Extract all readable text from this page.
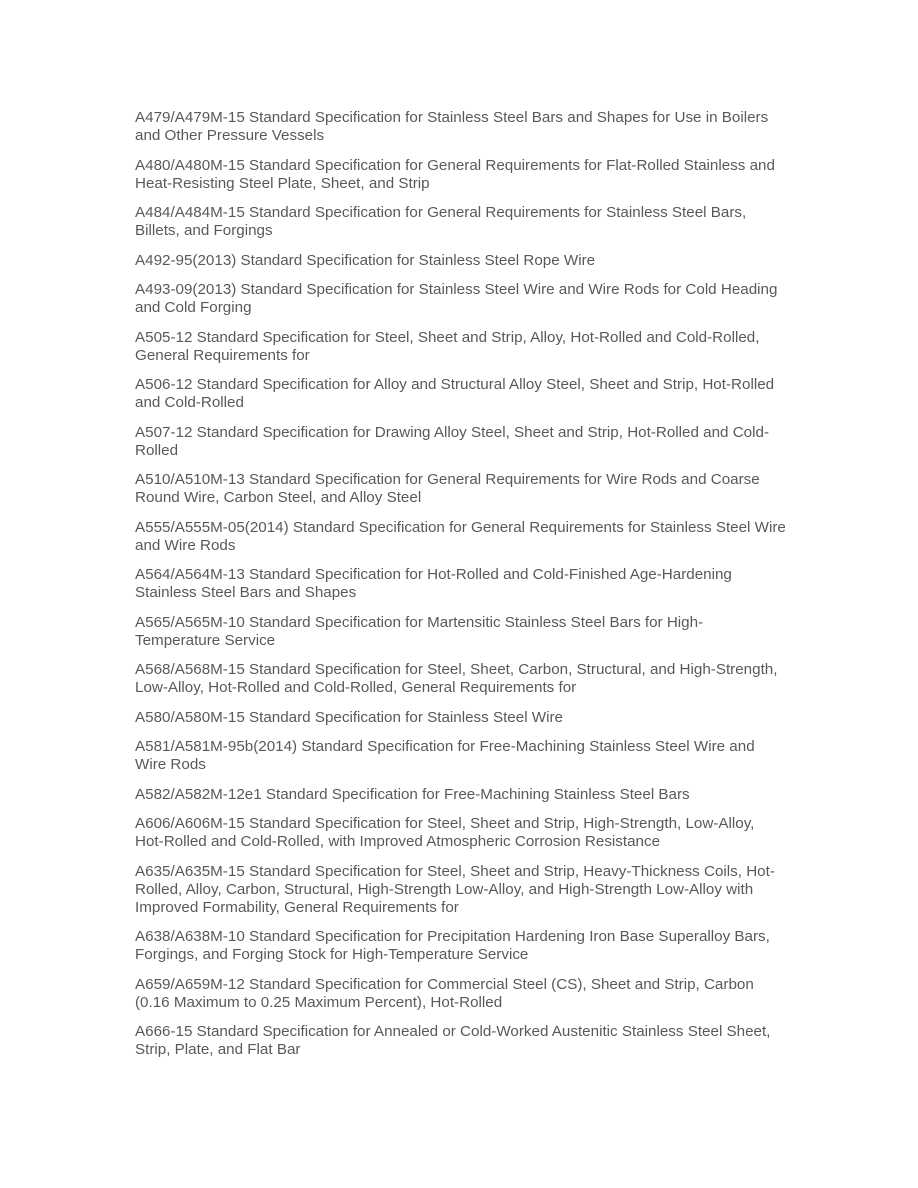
A479/A479M-15 Standard Specification for Stainless Steel Bars and Shapes for Use in Boilers and Other Pressure Vessels

A480/A480M-15 Standard Specification for General Requirements for Flat-Rolled Stainless and Heat-Resisting Steel Plate, Sheet, and Strip

A484/A484M-15 Standard Specification for General Requirements for Stainless Steel Bars, Billets, and Forgings

A492-95(2013) Standard Specification for Stainless Steel Rope Wire

A493-09(2013) Standard Specification for Stainless Steel Wire and Wire Rods for Cold Heading and Cold Forging

A505-12 Standard Specification for Steel, Sheet and Strip, Alloy, Hot-Rolled and Cold-Rolled, General Requirements for

A506-12 Standard Specification for Alloy and Structural Alloy Steel, Sheet and Strip, Hot-Rolled and Cold-Rolled

A507-12 Standard Specification for Drawing Alloy Steel, Sheet and Strip, Hot-Rolled and Cold-Rolled

A510/A510M-13 Standard Specification for General Requirements for Wire Rods and Coarse Round Wire, Carbon Steel, and Alloy Steel

A555/A555M-05(2014) Standard Specification for General Requirements for Stainless Steel Wire and Wire Rods

A564/A564M-13 Standard Specification for Hot-Rolled and Cold-Finished Age-Hardening Stainless Steel Bars and Shapes

A565/A565M-10 Standard Specification for Martensitic Stainless Steel Bars for High-Temperature Service

A568/A568M-15 Standard Specification for Steel, Sheet, Carbon, Structural, and High-Strength, Low-Alloy, Hot-Rolled and Cold-Rolled, General Requirements for

A580/A580M-15 Standard Specification for Stainless Steel Wire

A581/A581M-95b(2014) Standard Specification for Free-Machining Stainless Steel Wire and Wire Rods

A582/A582M-12e1 Standard Specification for Free-Machining Stainless Steel Bars

A606/A606M-15 Standard Specification for Steel, Sheet and Strip, High-Strength, Low-Alloy, Hot-Rolled and Cold-Rolled, with Improved Atmospheric Corrosion Resistance

A635/A635M-15 Standard Specification for Steel, Sheet and Strip, Heavy-Thickness Coils, Hot-Rolled, Alloy, Carbon, Structural, High-Strength Low-Alloy, and High-Strength Low-Alloy with Improved Formability, General Requirements for

A638/A638M-10 Standard Specification for Precipitation Hardening Iron Base Superalloy Bars, Forgings, and Forging Stock for High-Temperature Service

A659/A659M-12 Standard Specification for Commercial Steel (CS), Sheet and Strip, Carbon (0.16 Maximum to 0.25 Maximum Percent), Hot-Rolled

A666-15 Standard Specification for Annealed or Cold-Worked Austenitic Stainless Steel Sheet, Strip, Plate, and Flat Bar
